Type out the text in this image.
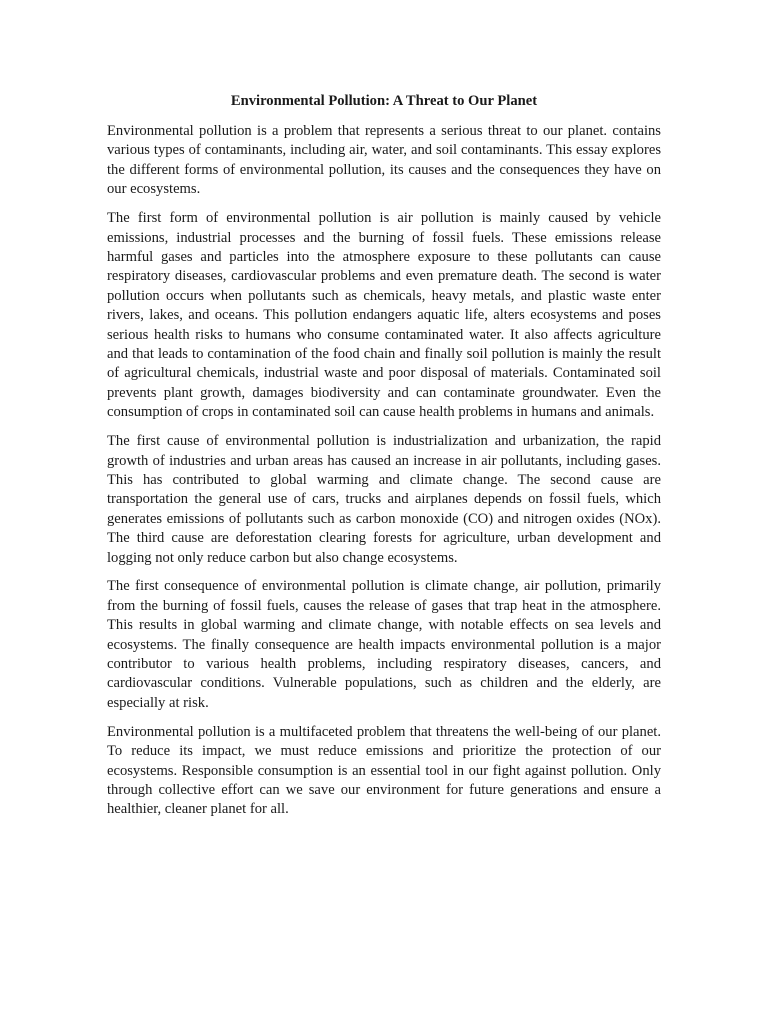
Environmental Pollution: A Threat to Our Planet

Environmental pollution is a problem that represents a serious threat to our planet. contains various types of contaminants, including air, water, and soil contaminants. This essay explores the different forms of environmental pollution, its causes and the consequences they have on our ecosystems.

The first form of environmental pollution is air pollution is mainly caused by vehicle emissions, industrial processes and the burning of fossil fuels. These emissions release harmful gases and particles into the atmosphere exposure to these pollutants can cause respiratory diseases, cardiovascular problems and even premature death. The second is water pollution occurs when pollutants such as chemicals, heavy metals, and plastic waste enter rivers, lakes, and oceans. This pollution endangers aquatic life, alters ecosystems and poses serious health risks to humans who consume contaminated water. It also affects agriculture and that leads to contamination of the food chain and finally soil pollution is mainly the result of agricultural chemicals, industrial waste and poor disposal of materials. Contaminated soil prevents plant growth, damages biodiversity and can contaminate groundwater. Even the consumption of crops in contaminated soil can cause health problems in humans and animals.

The first cause of environmental pollution is industrialization and urbanization, the rapid growth of industries and urban areas has caused an increase in air pollutants, including gases. This has contributed to global warming and climate change. The second cause are transportation the general use of cars, trucks and airplanes depends on fossil fuels, which generates emissions of pollutants such as carbon monoxide (CO) and nitrogen oxides (NOx). The third cause are deforestation clearing forests for agriculture, urban development and logging not only reduce carbon but also change ecosystems.

The first consequence of environmental pollution is climate change, air pollution, primarily from the burning of fossil fuels, causes the release of gases that trap heat in the atmosphere. This results in global warming and climate change, with notable effects on sea levels and ecosystems. The finally consequence are health impacts environmental pollution is a major contributor to various health problems, including respiratory diseases, cancers, and cardiovascular conditions. Vulnerable populations, such as children and the elderly, are especially at risk.

Environmental pollution is a multifaceted problem that threatens the well-being of our planet. To reduce its impact, we must reduce emissions and prioritize the protection of our ecosystems. Responsible consumption is an essential tool in our fight against pollution. Only through collective effort can we save our environment for future generations and ensure a healthier, cleaner planet for all.
